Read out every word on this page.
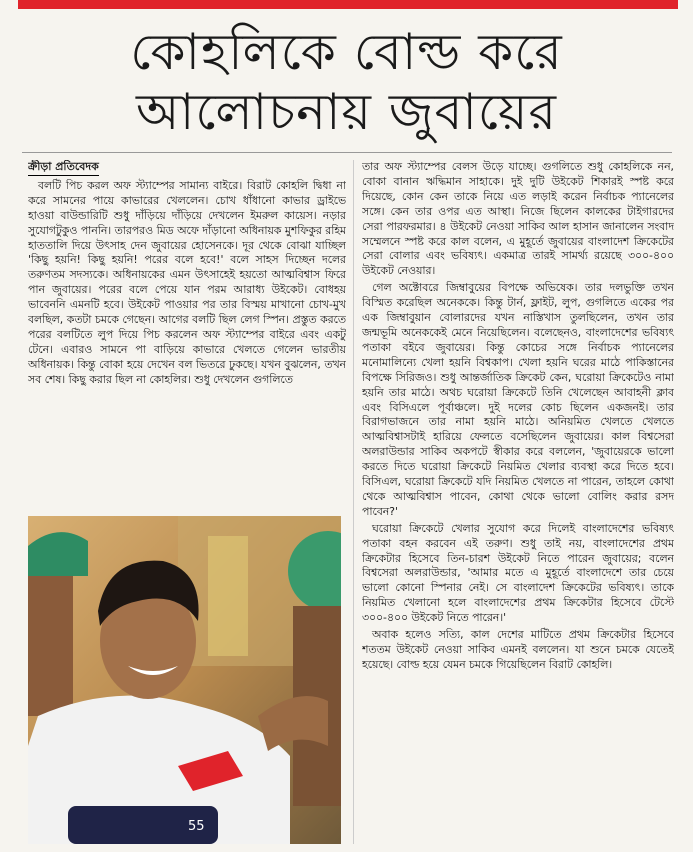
কোহলিকে বোল্ড করে
আলোচনায় জুবায়ের
ক্রীড়া প্রতিবেদক

বলটি পিচ করল অফ স্ট্যাম্পের সামান্য বাইরে। বিরাট কোহলি দ্বিধা না করে সামনের পায়ে কাভারের খেললেন। চোখ ধাঁধানো কাভার ড্রাইভে হাওয়া বাউন্ডারিটি শুধু দাঁড়িয়ে দাঁড়িয়ে দেখলেন ইমরুল কায়েস। নড়ার সুযোগটুকুও পাননি। তারপরও মিড অফে দাঁড়ানো অধিনায়ক মুশফিকুর রহিম হাততালি দিয়ে উৎসাহ দেন জুবায়ের হোসেনকে। দূর থেকে বোঝা যাচ্ছিল 'কিছু হয়নি! কিছু হয়নি! পরের বলে হবে!' বলে সাহস দিচ্ছেন দলের তরুণতম সদস্যকে। অধিনায়কের এমন উৎসাহেই হয়তো আত্মবিশ্বাস ফিরে পান জুবায়ের। পরের বলে পেয়ে যান পরম আরাধ্য উইকেট। বোধহয় ভাবেননি এমনটি হবে। উইকেট পাওয়ার পর তার বিস্ময় মাখানো চোখ-মুখ বলছিল, কতটা চমকে গেছেন। আগের বলটি ছিল লেগ স্পিন। প্রস্তুত করতে পরের বলটিতে লুপ দিয়ে পিচ করলেন অফ স্ট্যাম্পের বাইরে এবং একটু টেনে। এবারও সামনে পা বাড়িয়ে কাভারে খেলতে গেলেন ভারতীয় অধিনায়ক। কিন্তু বোকা হয়ে দেখেন বল ভিতরে ঢুকছে। যখন বুঝলেন, তখন সব শেষ। কিছু করার ছিল না কোহলির। শুধু দেখলেন গুগলিতে

55

তার অফ স্ট্যাম্পের বেলস উড়ে যাচ্ছে। গুগলিতে শুধু কোহলিকে নন, বোকা বানান ঋদ্ধিমান সাহাকে। দুই দুটি উইকেট শিকারই স্পষ্ট করে দিয়েছে, কোন কেন তাকে নিয়ে এত লড়াই করেন নির্বাচক প্যানেলের সঙ্গে। কেন তার ওপর এত আস্থা। নিজে ছিলেন কালকের টাইগারদের সেরা পারফরমার। ৪ উইকেট নেওয়া সাকিব আল হাসান জানালেন সংবাদ সম্মেলনে স্পষ্ট করে কাল বলেন, এ মুহূর্তে জুবায়ের বাংলাদেশ ক্রিকেটের সেরা বোলার এবং ভবিষ্যৎ। একমাত্র তারই সামর্থ্য রয়েছে ৩০০-৪০০ উইকেট নেওয়ার।

গেল অক্টোবরে জিম্বাবুয়ের বিপক্ষে অভিষেক। তার দলভুক্তি তখন বিস্মিত করেছিল অনেককে। কিন্তু টার্ন, ফ্লাইট, লুপ, গুগলিতে একের পর এক জিম্বাবুয়ান বোলারদের যখন নাস্তিখাস তুলছিলেন, তখন তার জন্মভূমি অনেককেই মেনে নিয়েছিলেন। বলেছেনও, বাংলাদেশের ভবিষ্যৎ পতাকা বইবে জুবায়ের। কিন্তু কোচের সঙ্গে নির্বাচক প্যানেলের মনোমালিন্যে খেলা হয়নি বিশ্বকাপ। খেলা হয়নি ঘরের মাঠে পাকিস্তানের বিপক্ষে সিরিজও। শুধু আন্তর্জাতিক ক্রিকেট কেন, ঘরোয়া ক্রিকেটেও নামা হয়নি তার মাঠে। অথচ ঘরোয়া ক্রিকেটে তিনি খেলেছেন আবাহনী ক্লাব এবং বিসিএলে পূর্বাঞ্চলে। দুই দলের কোচ ছিলেন একজনই। তার বিরাগভাজনে তার নামা হয়নি মাঠে। অনিয়মিত খেলতে খেলতে আত্মবিশ্বাসটাই হারিয়ে ফেলতে বসেছিলেন জুবায়ের। কাল বিশ্বসেরা অলরাউন্ডার সাকিব অকপটে স্বীকার করে বললেন, 'জুবায়েরকে ভালো করতে দিতে ঘরোয়া ক্রিকেটে নিয়মিত খেলার ব্যবস্থা করে দিতে হবে। বিসিএল, ঘরোয়া ক্রিকেটে যদি নিয়মিত খেলতে না পারেন, তাহলে কোথা থেকে আত্মবিশ্বাস পাবেন, কোথা থেকে ভালো বোলিং করার রসদ পাবেন?'

ঘরোয়া ক্রিকেটে খেলার সুযোগ করে দিলেই বাংলাদেশের ভবিষ্যৎ পতাকা বহন করবেন এই তরুণ। শুধু তাই নয়, বাংলাদেশের প্রথম ক্রিকেটার হিসেবে তিন-চারশ উইকেট নিতে পারেন জুবায়ের; বলেন বিশ্বসেরা অলরাউন্ডার, 'আমার মতে এ মুহূর্তে বাংলাদেশে তার চেয়ে ভালো কোনো স্পিনার নেই। সে বাংলাদেশ ক্রিকেটের ভবিষ্যৎ। তাকে নিয়মিত খেলানো হলে বাংলাদেশের প্রথম ক্রিকেটার হিসেবে টেস্টে ৩০০-৪০০ উইকেট নিতে পারেন।'

অবাক হলেও সত্যি, কাল দেশের মাটিতে প্রথম ক্রিকেটার হিসেবে শততম উইকেট নেওয়া সাকিব এমনই বললেন। যা শুনে চমকে যেতেই হয়েছে। বোল্ড হয়ে যেমন চমকে গিয়েছিলেন বিরাট কোহলি।
